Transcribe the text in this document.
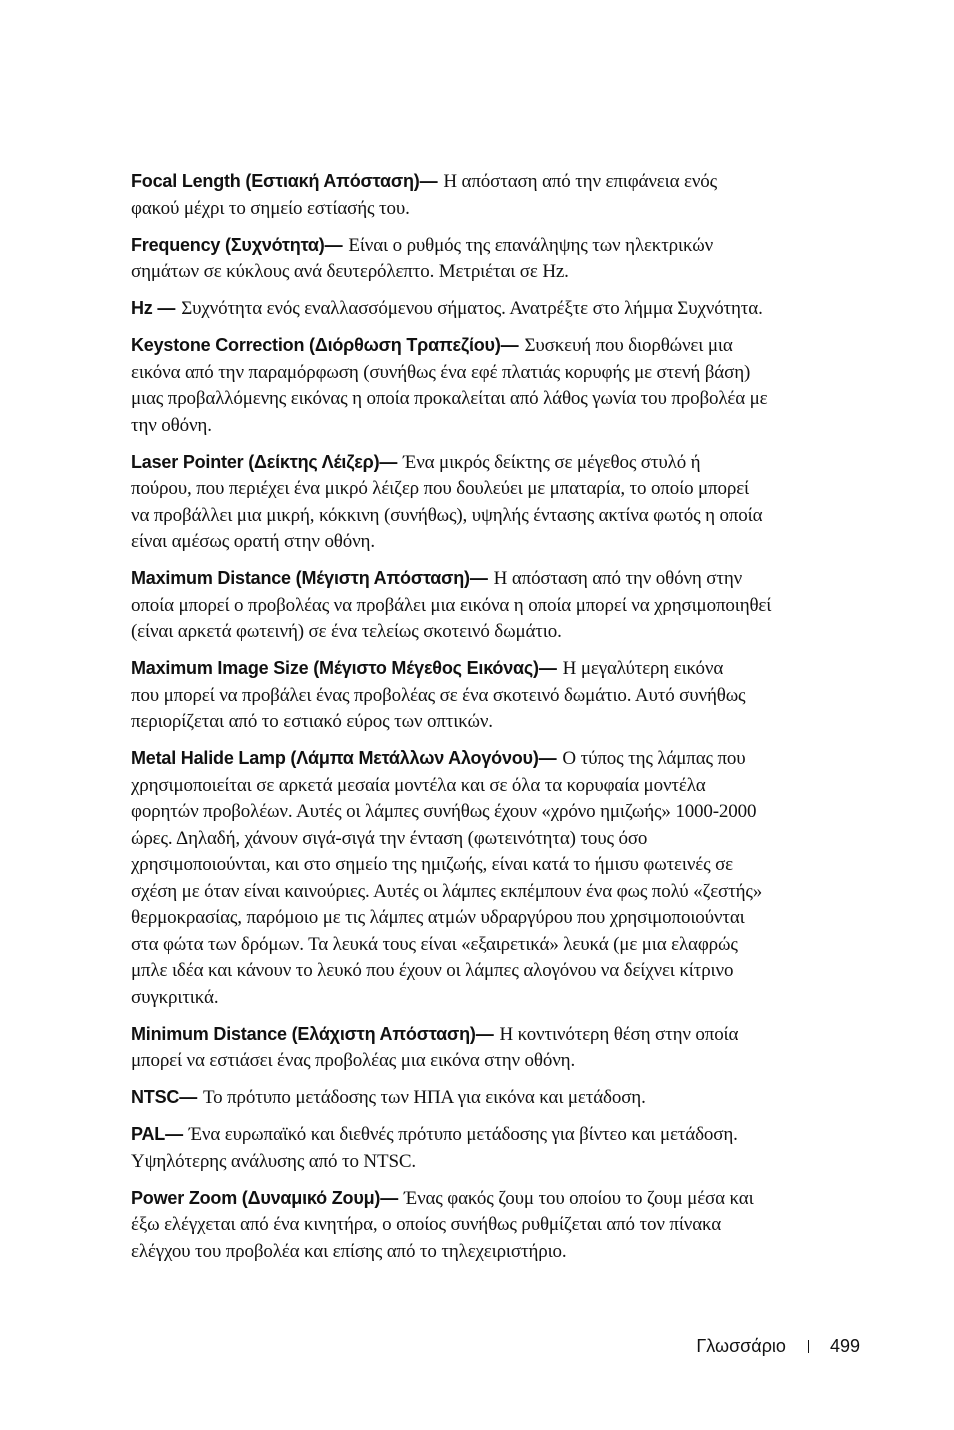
Focal Length (Εστιακή Απόσταση)— Η απόσταση από την επιφάνεια ενός
φακού μέχρι το σημείο εστίασής του.
Frequency (Συχνότητα)— Είναι ο ρυθμός της επανάληψης των ηλεκτρικών
σημάτων σε κύκλους ανά δευτερόλεπτο. Μετριέται σε Hz.
Hz — Συχνότητα ενός εναλλασσόμενου σήματος. Ανατρέξτε στο λήμμα Συχνότητα.
Keystone Correction (Διόρθωση Τραπεζίου)— Συσκευή που διορθώνει μια
εικόνα από την παραμόρφωση (συνήθως ένα εφέ πλατιάς κορυφής με στενή βάση)
μιας προβαλλόμενης εικόνας η οποία προκαλείται από λάθος γωνία του προβολέα με
την οθόνη.
Laser Pointer (Δείκτης Λέιζερ)— Ένα μικρός δείκτης σε μέγεθος στυλό ή
πούρου, που περιέχει ένα μικρό λέιζερ που δουλεύει με μπαταρία, το οποίο μπορεί
να προβάλλει μια μικρή, κόκκινη (συνήθως), υψηλής έντασης ακτίνα φωτός η οποία
είναι αμέσως ορατή στην οθόνη.
Maximum Distance (Μέγιστη Απόσταση)— Η απόσταση από την οθόνη στην
οποία μπορεί ο προβολέας να προβάλει μια εικόνα η οποία μπορεί να χρησιμοποιηθεί
(είναι αρκετά φωτεινή) σε ένα τελείως σκοτεινό δωμάτιο.
Maximum Image Size (Μέγιστο Μέγεθος Εικόνας)— Η μεγαλύτερη εικόνα
που μπορεί να προβάλει ένας προβολέας σε ένα σκοτεινό δωμάτιο. Αυτό συνήθως
περιορίζεται από το εστιακό εύρος των οπτικών.
Metal Halide Lamp (Λάμπα Μετάλλων Αλογόνου)— Ο τύπος της λάμπας που
χρησιμοποιείται σε αρκετά μεσαία μοντέλα και σε όλα τα κορυφαία μοντέλα
φορητών προβολέων. Αυτές οι λάμπες συνήθως έχουν «χρόνο ημιζωής» 1000-2000
ώρες. Δηλαδή, χάνουν σιγά-σιγά την ένταση (φωτεινότητα) τους όσο
χρησιμοποιούνται, και στο σημείο της ημιζωής, είναι κατά το ήμισυ φωτεινές σε
σχέση με όταν είναι καινούριες. Αυτές οι λάμπες εκπέμπουν ένα φως πολύ «ζεστής»
θερμοκρασίας, παρόμοιο με τις λάμπες ατμών υδραργύρου που χρησιμοποιούνται
στα φώτα των δρόμων. Τα λευκά τους είναι «εξαιρετικά» λευκά (με μια ελαφρώς
μπλε ιδέα και κάνουν το λευκό που έχουν οι λάμπες αλογόνου να δείχνει κίτρινο
συγκριτικά.
Minimum Distance (Ελάχιστη Απόσταση)— Η κοντινότερη θέση στην οποία
μπορεί να εστιάσει ένας προβολέας μια εικόνα στην οθόνη.
NTSC— Το πρότυπο μετάδοσης των ΗΠΑ για εικόνα και μετάδοση.
PAL— Ένα ευρωπαϊκό και διεθνές πρότυπο μετάδοσης για βίντεο και μετάδοση.
Υψηλότερης ανάλυσης από το NTSC.
Power Zoom (Δυναμικό Ζουμ)— Ένας φακός ζουμ του οποίου το ζουμ μέσα και
έξω ελέγχεται από ένα κινητήρα, ο οποίος συνήθως ρυθμίζεται από τον πίνακα
ελέγχου του προβολέα και επίσης από το τηλεχειριστήριο.
Γλωσσάριο 499
